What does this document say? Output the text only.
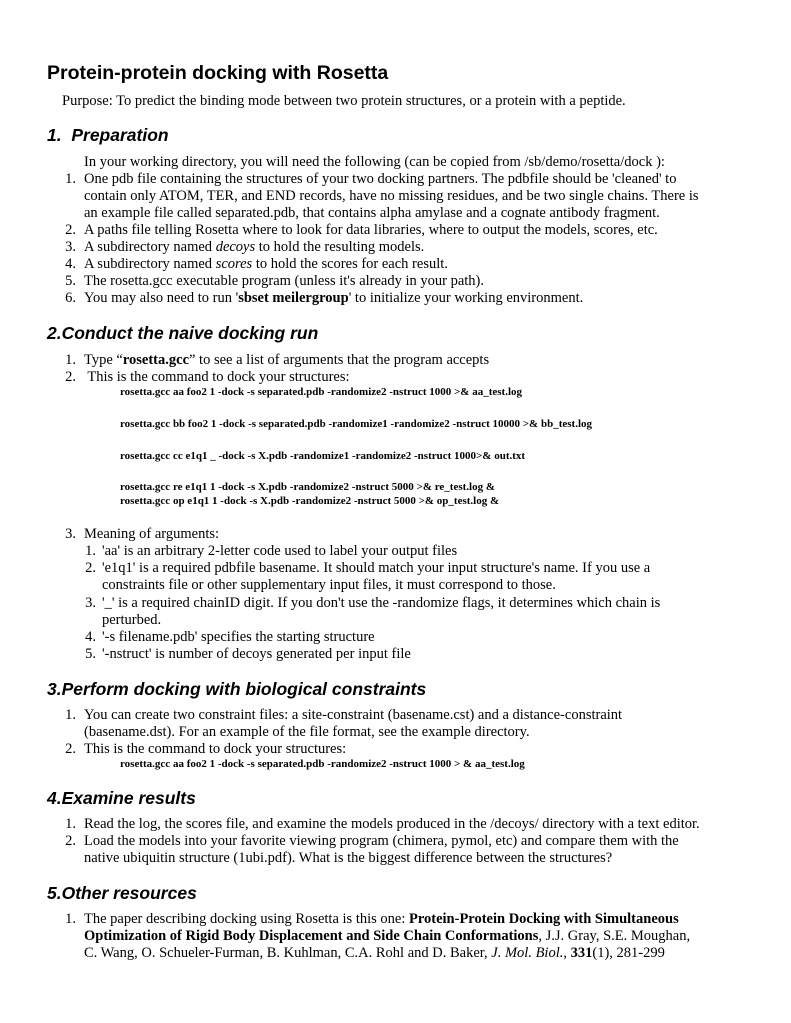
Protein-protein docking with Rosetta
Purpose: To predict the binding mode between two protein structures, or a protein with a peptide.
1. Preparation
In your working directory, you will need the following (can be copied from /sb/demo/rosetta/dock ):
1. One pdb file containing the structures of your two docking partners. The pdbfile should be 'cleaned' to
contain only ATOM, TER, and END records, have no missing residues, and be two single chains. There is
an example file called separated.pdb, that contains alpha amylase and a cognate antibody fragment.
2. A paths file telling Rosetta where to look for data libraries, where to output the models, scores, etc.
3. A subdirectory named decoys to hold the resulting models.
4. A subdirectory named scores to hold the scores for each result.
5. The rosetta.gcc executable program (unless it's already in your path).
6. You may also need to run 'sbset meilergroup' to initialize your working environment.
2.Conduct the naive docking run
1. Type “rosetta.gcc” to see a list of arguments that the program accepts
2. This is the command to dock your structures:
rosetta.gcc aa foo2 1 -dock -s separated.pdb -randomize2 -nstruct 1000 >& aa_test.log
rosetta.gcc bb foo2 1 -dock -s separated.pdb -randomize1 -randomize2 -nstruct 10000 >& bb_test.log
rosetta.gcc cc e1q1 _ -dock -s X.pdb -randomize1 -randomize2 -nstruct 1000>& out.txt
rosetta.gcc re e1q1 1 -dock -s X.pdb -randomize2 -nstruct 5000 >& re_test.log &
rosetta.gcc op e1q1 1 -dock -s X.pdb -randomize2 -nstruct 5000 >& op_test.log &
3. Meaning of arguments:
1. 'aa' is an arbitrary 2-letter code used to label your output files
2. 'e1q1' is a required pdbfile basename. It should match your input structure's name. If you use a
constraints file or other supplementary input files, it must correspond to those.
3. '_' is a required chainID digit. If you don't use the -randomize flags, it determines which chain is
perturbed.
4. '-s filename.pdb' specifies the starting structure
5. '-nstruct' is number of decoys generated per input file
3.Perform docking with biological constraints
1. You can create two constraint files: a site-constraint (basename.cst) and a distance-constraint
(basename.dst). For an example of the file format, see the example directory.
2. This is the command to dock your structures:
rosetta.gcc aa foo2 1 -dock -s separated.pdb -randomize2 -nstruct 1000 > & aa_test.log
4.Examine results
1. Read the log, the scores file, and examine the models produced in the /decoys/ directory with a text editor.
2. Load the models into your favorite viewing program (chimera, pymol, etc) and compare them with the
native ubiquitin structure (1ubi.pdf). What is the biggest difference between the structures?
5.Other resources
1. The paper describing docking using Rosetta is this one: Protein-Protein Docking with Simultaneous
Optimization of Rigid Body Displacement and Side Chain Conformations, J.J. Gray, S.E. Moughan,
C. Wang, O. Schueler-Furman, B. Kuhlman, C.A. Rohl and D. Baker, J. Mol. Biol., 331(1), 281-299
